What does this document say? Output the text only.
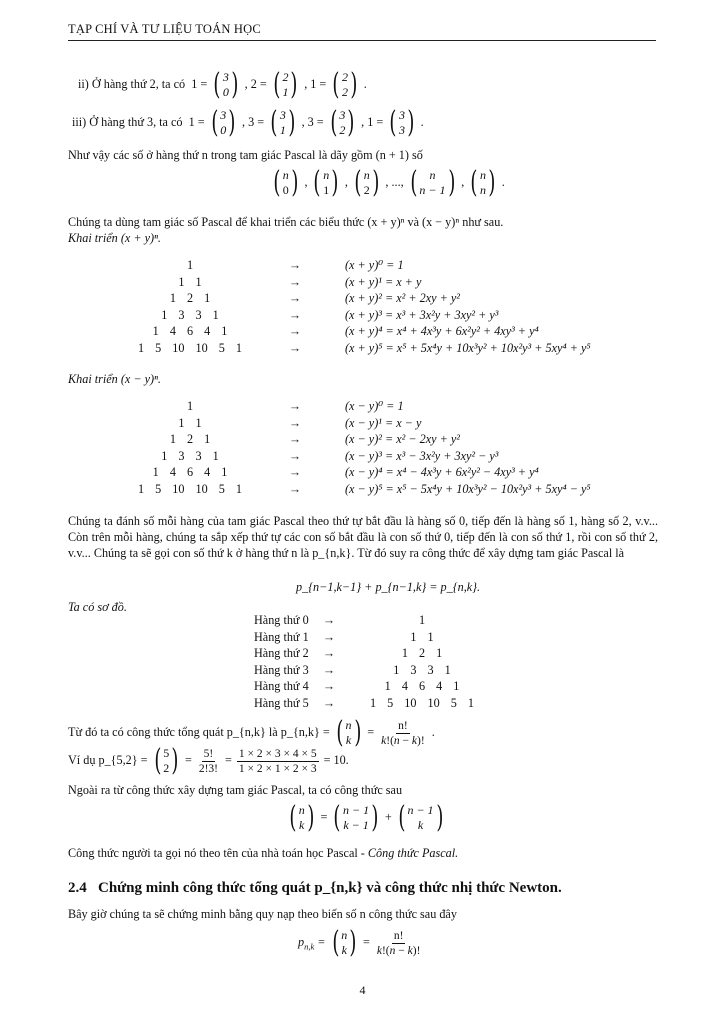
TẠP CHÍ VÀ TƯ LIỆU TOÁN HỌC
ii) Ở hàng thứ 2, ta có 1 = ( 3
0 ) , 2 = ( 2
1 ) , 1 = ( 2
2 ) .
iii) Ở hàng thứ 3, ta có 1 = ( 3
0 ) , 3 = ( 3
1 ) , 3 = ( 3
2 ) , 1 = ( 3
3 ) .
Như vậy các số ở hàng thứ n trong tam giác Pascal là dãy gồm (n + 1) số
( n
0 ) , ( n
1 ) , ( n
2 ) , ..., ( n
n − 1 ) , ( n
n ) .
Chúng ta dùng tam giác số Pascal để khai triển các biểu thức (x + y)ⁿ và (x − y)ⁿ như sau.
Khai triển (x + y)ⁿ.
1	→	(x + y)⁰ = 1
1 1	→	(x + y)¹ = x + y
1 2 1	→	(x + y)² = x² + 2xy + y²
1 3 3 1	→	(x + y)³ = x³ + 3x²y + 3xy² + y³
1 4 6 4 1	→	(x + y)⁴ = x⁴ + 4x³y + 6x²y² + 4xy³ + y⁴
1 5 10 10 5 1	→	(x + y)⁵ = x⁵ + 5x⁴y + 10x³y² + 10x²y³ + 5xy⁴ + y⁵
Khai triển (x − y)ⁿ.
1	→	(x − y)⁰ = 1
1 1	→	(x − y)¹ = x − y
1 2 1	→	(x − y)² = x² − 2xy + y²
1 3 3 1	→	(x − y)³ = x³ − 3x²y + 3xy² − y³
1 4 6 4 1	→	(x − y)⁴ = x⁴ − 4x³y + 6x²y² − 4xy³ + y⁴
1 5 10 10 5 1	→	(x − y)⁵ = x⁵ − 5x⁴y + 10x³y² − 10x²y³ + 5xy⁴ − y⁵
Chúng ta đánh số mỗi hàng của tam giác Pascal theo thứ tự bắt đầu là hàng số 0, tiếp đến là hàng số 1, hàng số 2, v.v... Còn trên mỗi hàng, chúng ta sắp xếp thứ tự các con số bắt đầu là con số thứ 0, tiếp đến là con số thứ 1, rồi con số thứ 2, v.v... Chúng ta sẽ gọi con số thứ k ở hàng thứ n là p_{n,k}. Từ đó suy ra công thức để xây dựng tam giác Pascal là
p_{n−1,k−1} + p_{n−1,k} = p_{n,k}.
Ta có sơ đồ.
Hàng thứ 0	→	1
Hàng thứ 1	→	1 1
Hàng thứ 2	→	1 2 1
Hàng thứ 3	→	1 3 3 1
Hàng thứ 4	→	1 4 6 4 1
Hàng thứ 5	→	1 5 10 10 5 1
Từ đó ta có công thức tổng quát p_{n,k} là p_{n,k} = ( n
k ) = $\frac{n!}{k!(n - k)!}$ .
Ví dụ p_{5,2} = ( 5
2 ) = $\frac{5!}{2!3!} = \frac{1 \times 2 \times 3 \times 4 \times 5}{1 \times 2 \times 1 \times 2 \times 3} = 10$.
Ngoài ra từ công thức xây dựng tam giác Pascal, ta có công thức sau
( n
k ) = ( n − 1
k − 1 ) + ( n − 1
k )
Công thức người ta gọi nó theo tên của nhà toán học Pascal - Công thức Pascal.
2.4 Chứng minh công thức tổng quát p_{n,k} và công thức nhị thức Newton.
Bây giờ chúng ta sẽ chứng minh bằng quy nạp theo biến số n công thức sau đây
$p_{n,k}$ = ( n
k ) = $\frac{n!}{k!(n - k)!}$
4
